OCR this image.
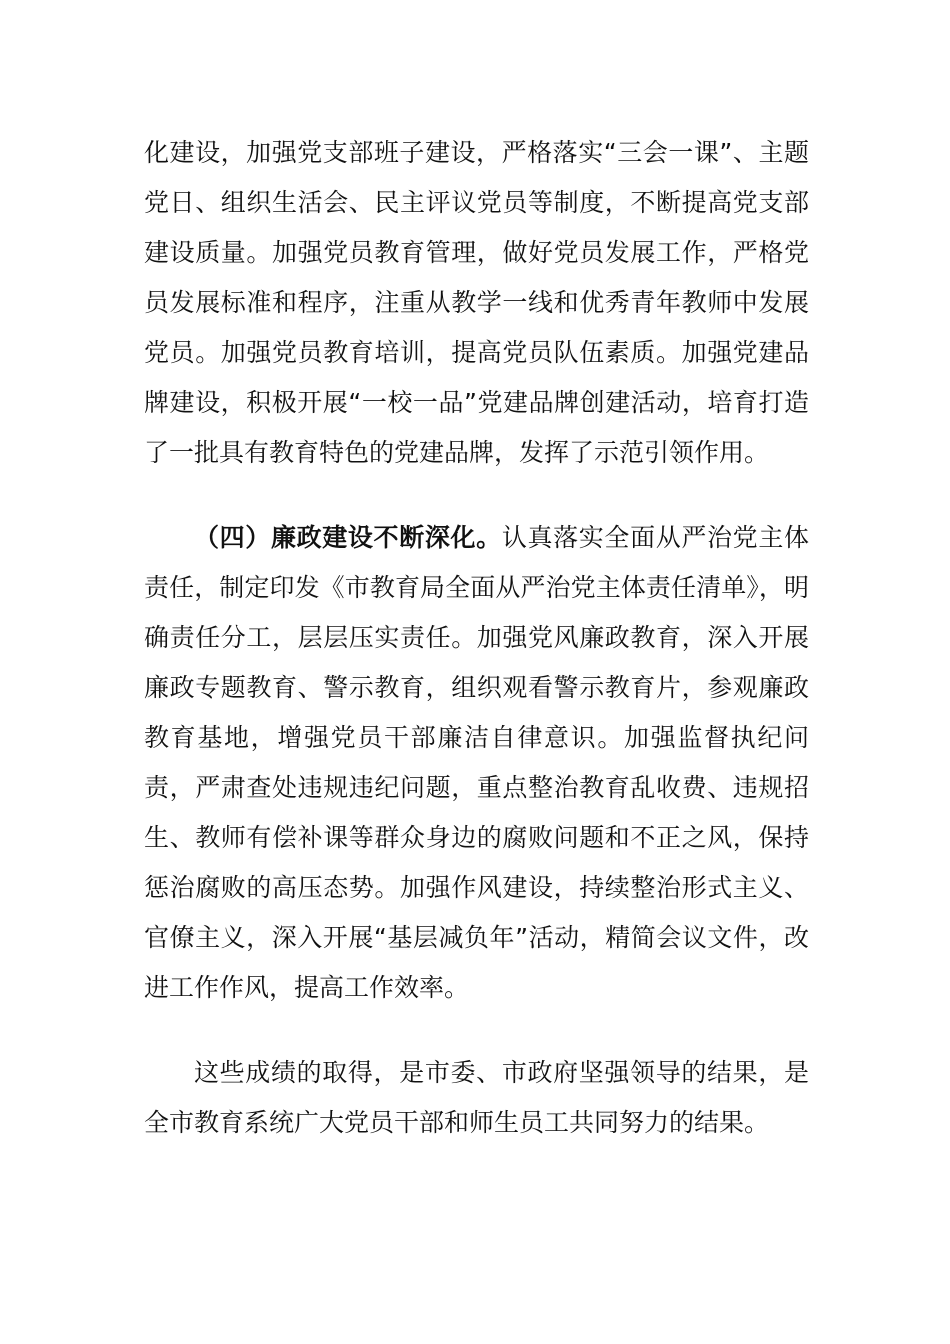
化建设，加强党支部班子建设，严格落实“三会一课”、主题党日、组织生活会、民主评议党员等制度，不断提高党支部建设质量。加强党员教育管理，做好党员发展工作，严格党员发展标准和程序，注重从教学一线和优秀青年教师中发展党员。加强党员教育培训，提高党员队伍素质。加强党建品牌建设，积极开展“一校一品”党建品牌创建活动，培育打造了一批具有教育特色的党建品牌，发挥了示范引领作用。

（四）廉政建设不断深化。认真落实全面从严治党主体责任，制定印发《市教育局全面从严治党主体责任清单》，明确责任分工，层层压实责任。加强党风廉政教育，深入开展廉政专题教育、警示教育，组织观看警示教育片，参观廉政教育基地，增强党员干部廉洁自律意识。加强监督执纪问责，严肃查处违规违纪问题，重点整治教育乱收费、违规招生、教师有偿补课等群众身边的腐败问题和不正之风，保持惩治腐败的高压态势。加强作风建设，持续整治形式主义、官僚主义，深入开展“基层减负年”活动，精简会议文件，改进工作作风，提高工作效率。

这些成绩的取得，是市委、市政府坚强领导的结果，是全市教育系统广大党员干部和师生员工共同努力的结果。
